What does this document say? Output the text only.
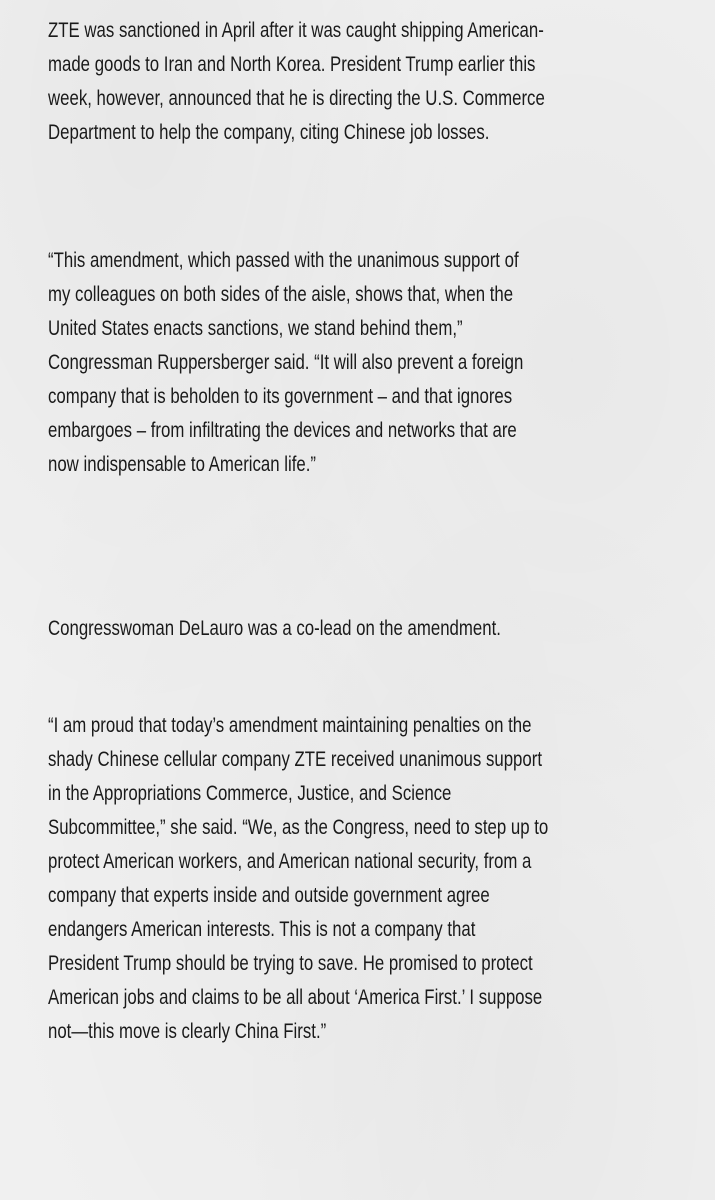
ZTE was sanctioned in April after it was caught shipping American-
made goods to Iran and North Korea. President Trump earlier this
week, however, announced that he is directing the U.S. Commerce
Department to help the company, citing Chinese job losses.

“This amendment, which passed with the unanimous support of
my colleagues on both sides of the aisle, shows that, when the
United States enacts sanctions, we stand behind them,”
Congressman Ruppersberger said. “It will also prevent a foreign
company that is beholden to its government – and that ignores
embargoes – from infiltrating the devices and networks that are
now indispensable to American life.”

Congresswoman DeLauro was a co-lead on the amendment.

“I am proud that today’s amendment maintaining penalties on the
shady Chinese cellular company ZTE received unanimous support
in the Appropriations Commerce, Justice, and Science
Subcommittee,” she said. “We, as the Congress, need to step up to
protect American workers, and American national security, from a
company that experts inside and outside government agree
endangers American interests. This is not a company that
President Trump should be trying to save. He promised to protect
American jobs and claims to be all about ‘America First.’ I suppose
not—this move is clearly China First.”
